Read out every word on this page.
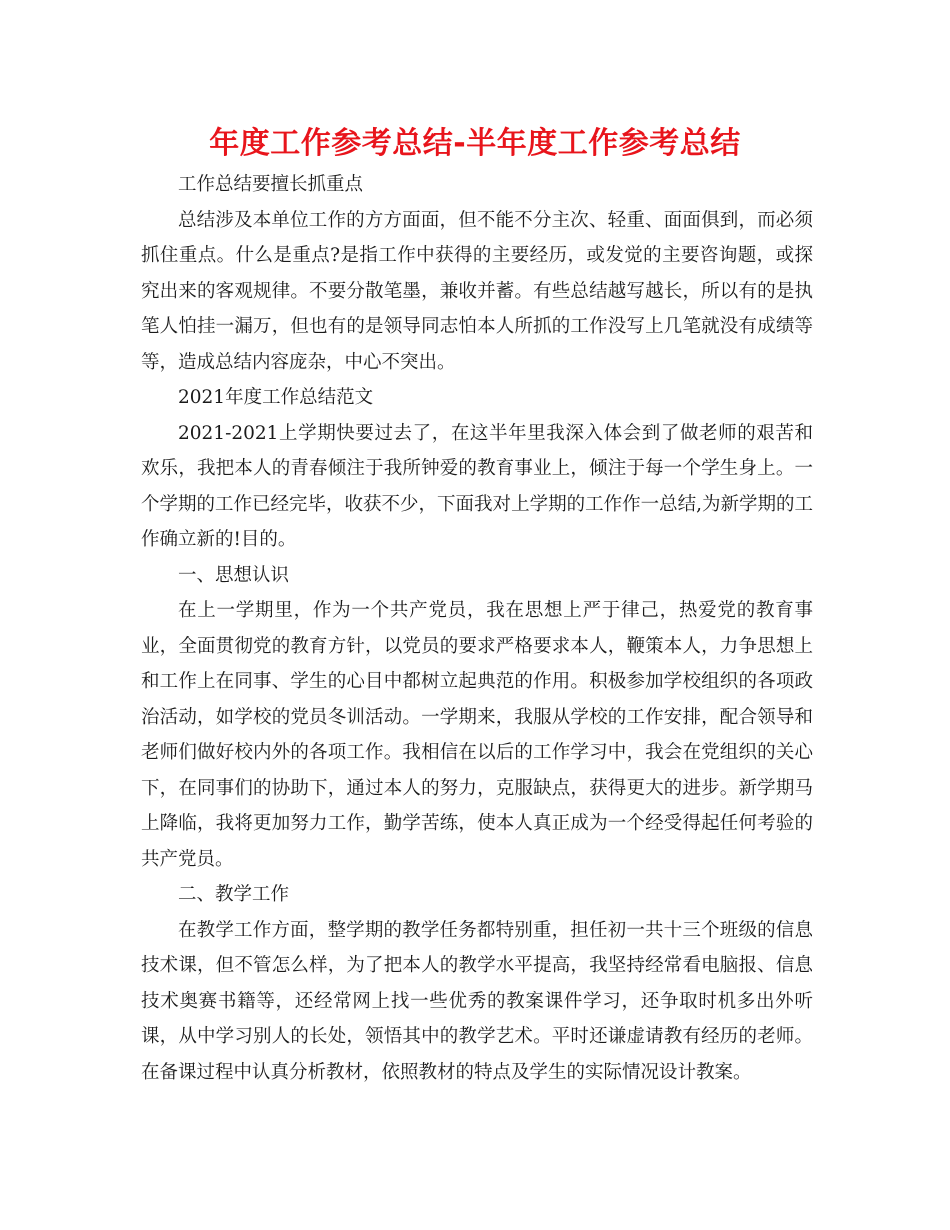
年度工作参考总结-半年度工作参考总结

工作总结要擅长抓重点

总结涉及本单位工作的方方面面，但不能不分主次、轻重、面面俱到，而必须抓住重点。什么是重点?是指工作中获得的主要经历，或发觉的主要咨询题，或探究出来的客观规律。不要分散笔墨，兼收并蓄。有些总结越写越长，所以有的是执笔人怕挂一漏万，但也有的是领导同志怕本人所抓的工作没写上几笔就没有成绩等等，造成总结内容庞杂，中心不突出。

2021年度工作总结范文

2021-2021上学期快要过去了，在这半年里我深入体会到了做老师的艰苦和欢乐，我把本人的青春倾注于我所钟爱的教育事业上，倾注于每一个学生身上。一个学期的工作已经完毕，收获不少，下面我对上学期的工作作一总结,为新学期的工作确立新的!目的。

一、思想认识

在上一学期里，作为一个共产党员，我在思想上严于律己，热爱党的教育事业，全面贯彻党的教育方针，以党员的要求严格要求本人，鞭策本人，力争思想上和工作上在同事、学生的心目中都树立起典范的作用。积极参加学校组织的各项政治活动，如学校的党员冬训活动。一学期来，我服从学校的工作安排，配合领导和老师们做好校内外的各项工作。我相信在以后的工作学习中，我会在党组织的关心下，在同事们的协助下，通过本人的努力，克服缺点，获得更大的进步。新学期马上降临，我将更加努力工作，勤学苦练，使本人真正成为一个经受得起任何考验的共产党员。

二、教学工作

在教学工作方面，整学期的教学任务都特别重，担任初一共十三个班级的信息技术课，但不管怎么样，为了把本人的教学水平提高，我坚持经常看电脑报、信息技术奥赛书籍等，还经常网上找一些优秀的教案课件学习，还争取时机多出外听课，从中学习别人的长处，领悟其中的教学艺术。平时还谦虚请教有经历的老师。在备课过程中认真分析教材，依照教材的特点及学生的实际情况设计教案。
